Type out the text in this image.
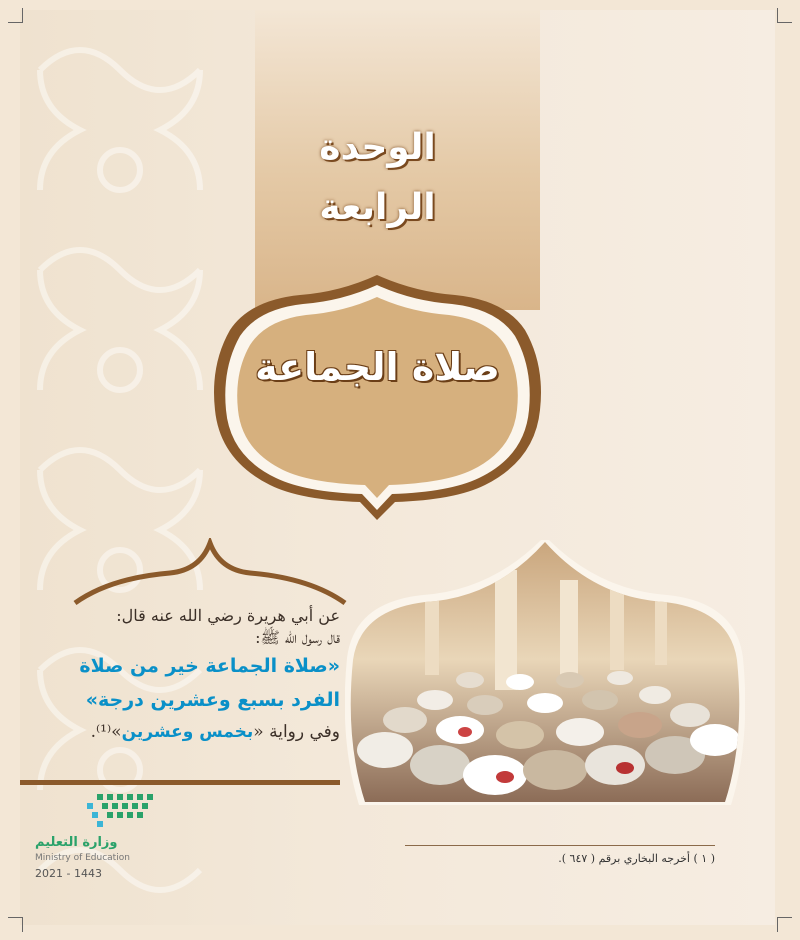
الوحدة
الرابعة
صلاة الجماعة
عن أبي هريرة رضي الله عنه قال:
قال رسول اللّه ﷺ:
«صلاة الجماعة خير من صلاة
الفرد بسبع وعشرين درجة»
وفي رواية «بخمس وعشرين»⁽¹⁾.
( ١ ) أخرجه البخاري برقم ( ٦٤٧ ).
وزارة التعليم
Ministry of Education
2021 - 1443
